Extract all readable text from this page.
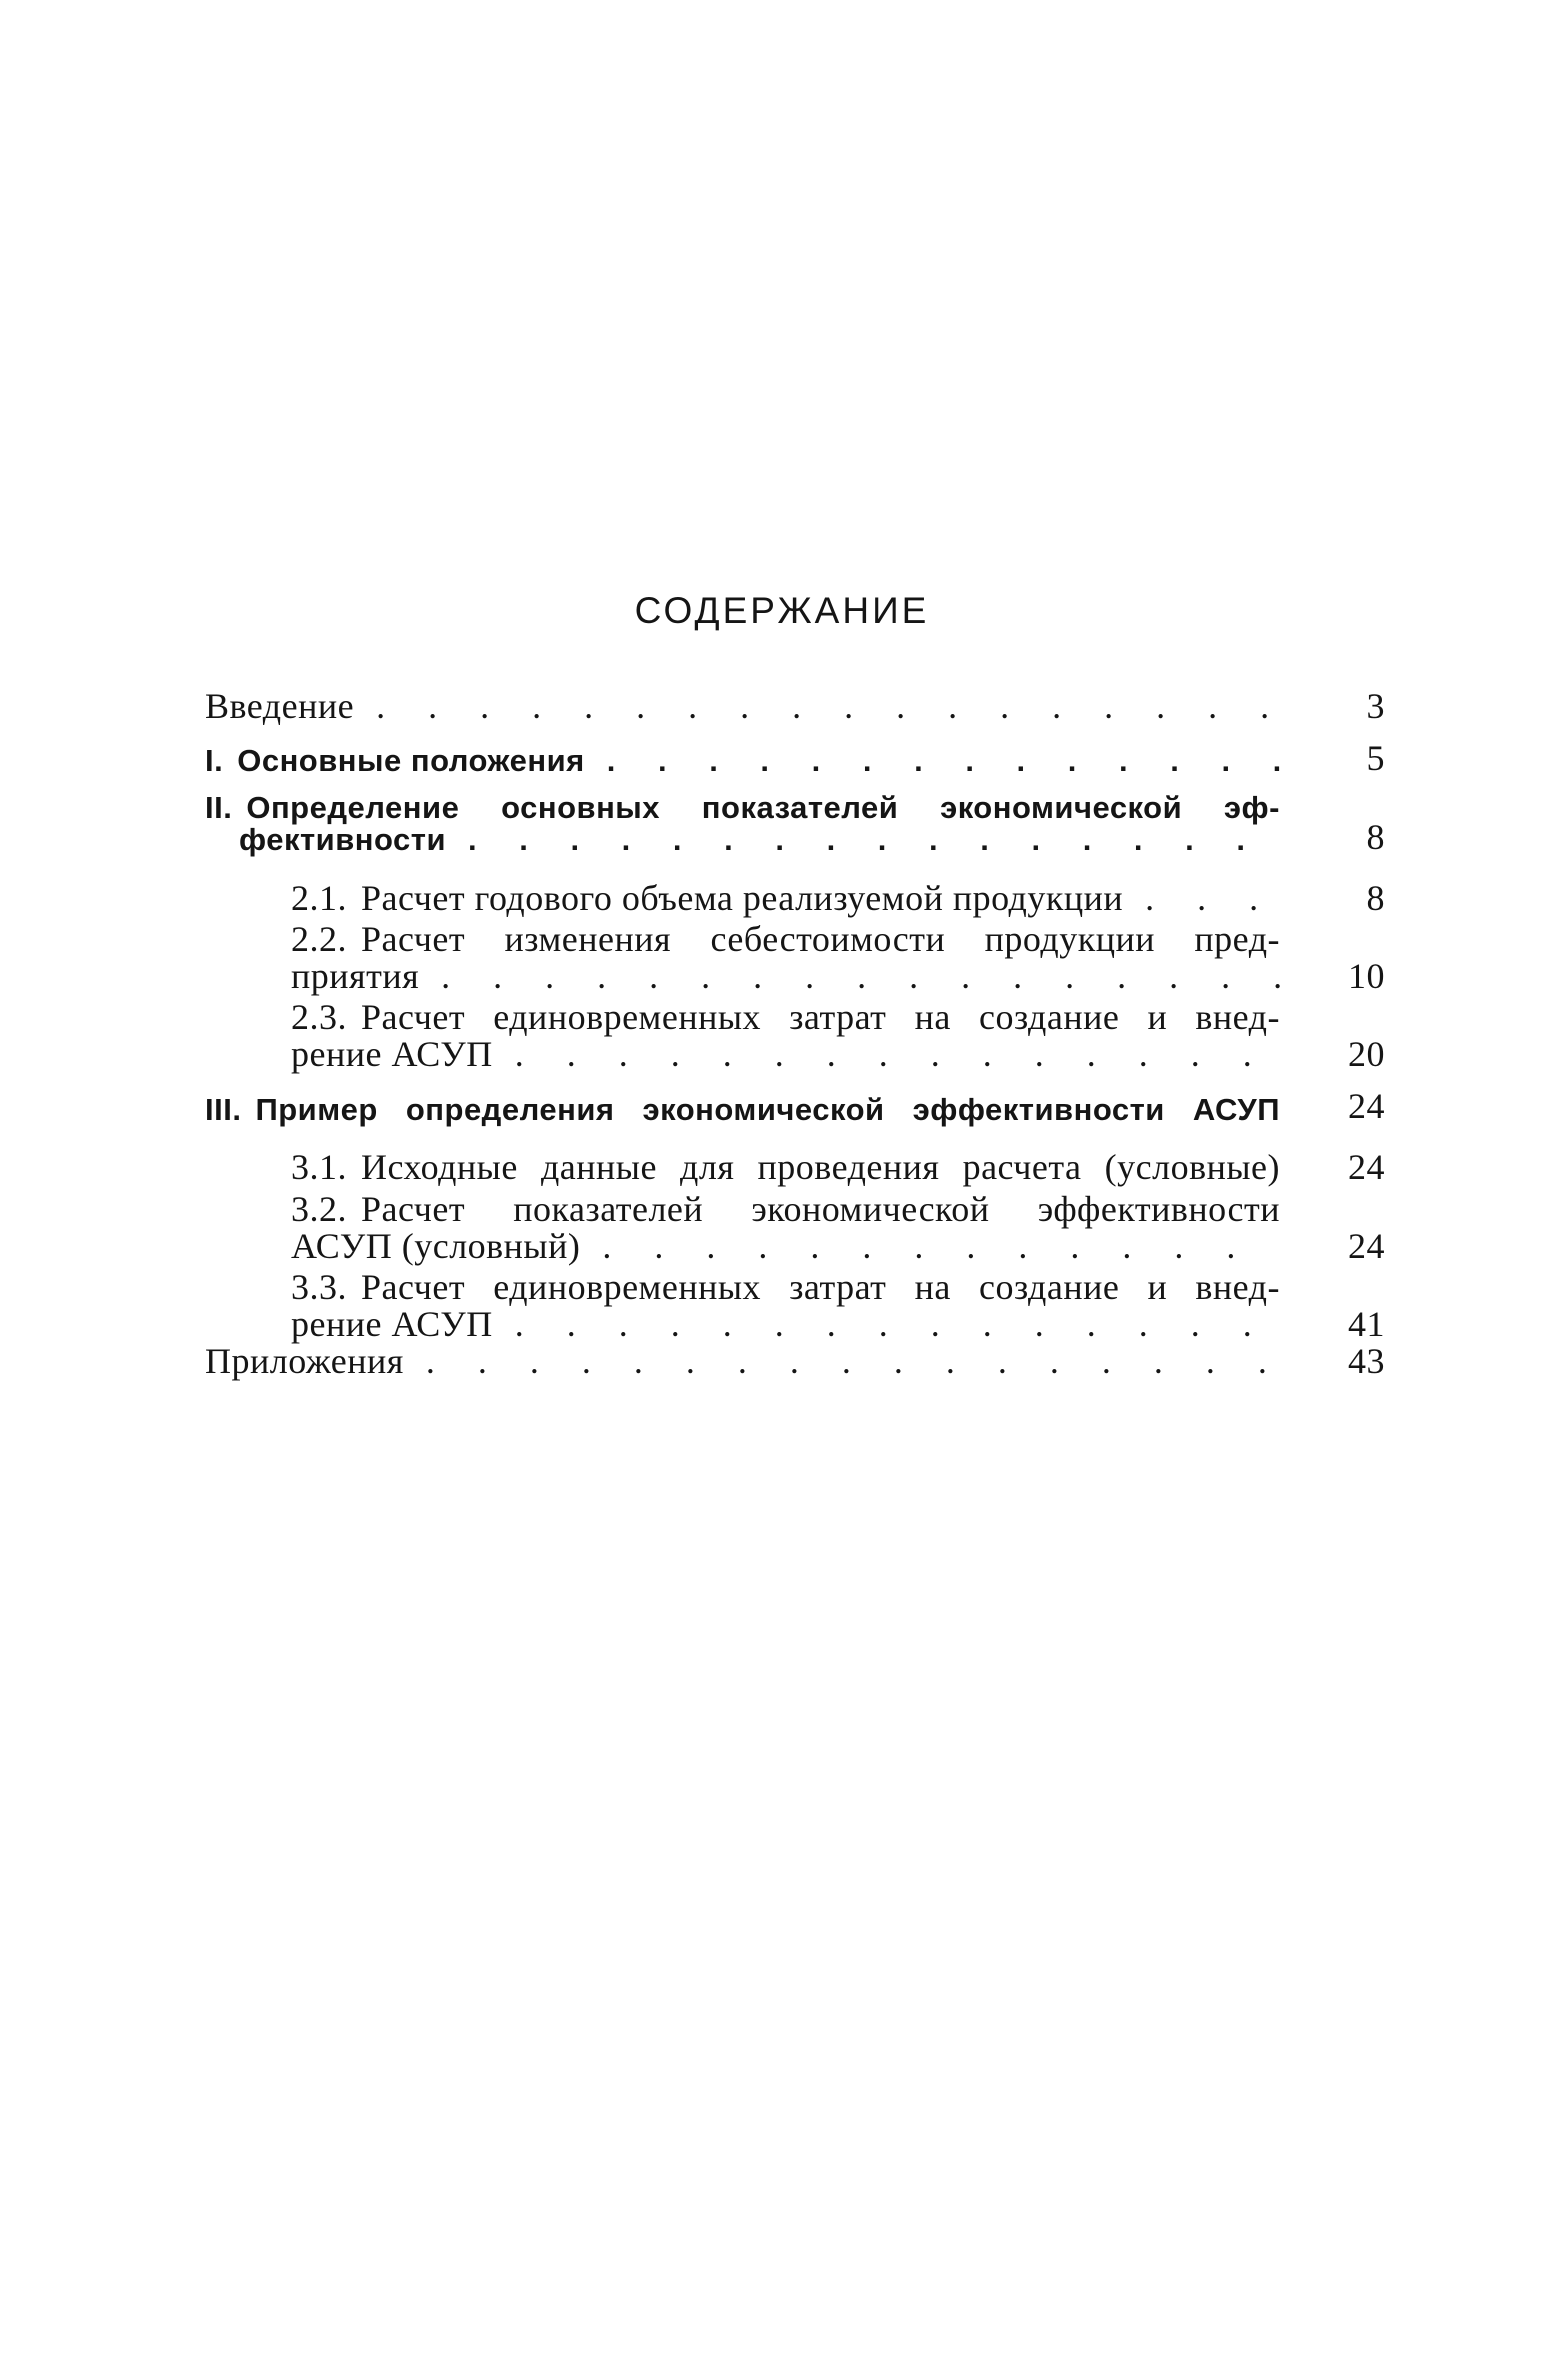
СОДЕРЖАНИЕ
Введение . . .	3
I. Основные положения . . .	5
II. Определение основных показателей экономической эф-
фективности . . .	8
2.1. Расчет годового объема реализуемой продукции . . .	8
2.2. Расчет изменения себестоимости продукции пред-
приятия . . .	10
2.3. Расчет единовременных затрат на создание и внед-
рение АСУП . . .	20
III. Пример определения экономической эффективности АСУП	24
3.1. Исходные данные для проведения расчета (условные)	24
3.2. Расчет показателей экономической эффективности
АСУП (условный) . . .	24
3.3. Расчет единовременных затрат на создание и внед-
рение АСУП . . .	41
Приложения . . .	43
